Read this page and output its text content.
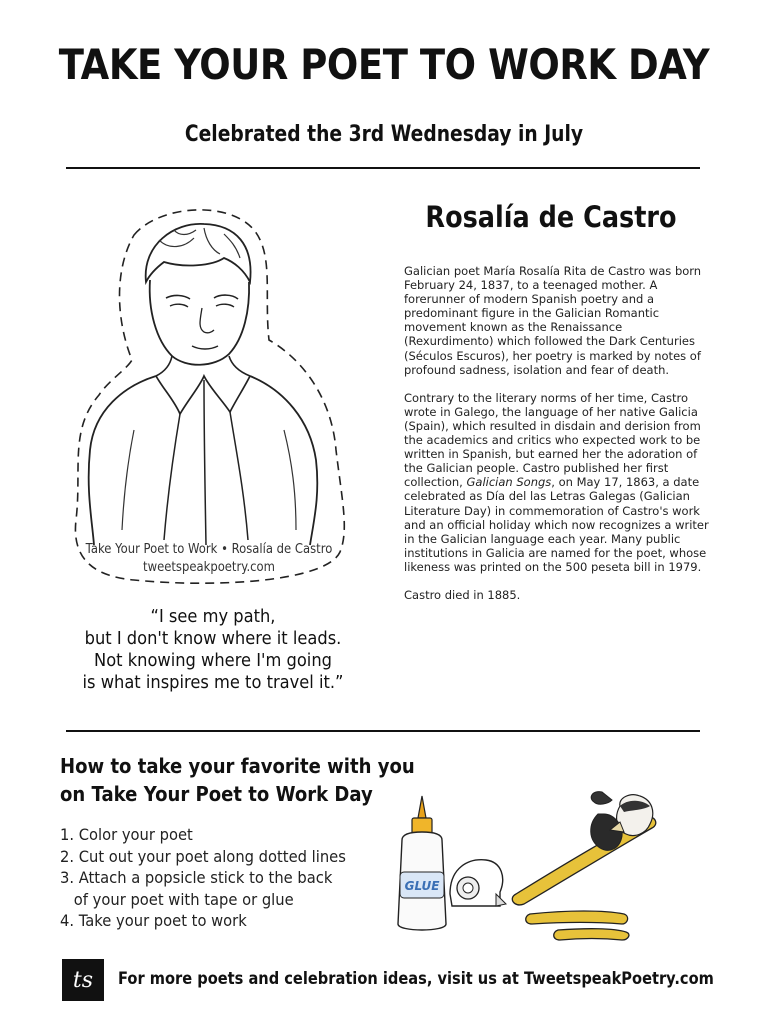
TAKE YOUR POET TO WORK DAY
Celebrated the 3rd Wednesday in July
Take Your Poet to Work • Rosalía de Castro
tweetspeakpoetry.com
“I see my path,
but I don't know where it leads.
Not knowing where I'm going
is what inspires me to travel it.”
Rosalía de Castro

Galician poet María Rosalía Rita de Castro was born February 24, 1837, to a teenaged mother. A forerunner of modern Spanish poetry and a predominant figure in the Galician Romantic movement known as the Renaissance (Rexurdimento) which followed the Dark Centuries (Séculos Escuros), her poetry is marked by notes of profound sadness, isolation and fear of death.

Contrary to the literary norms of her time, Castro wrote in Galego, the language of her native Galicia (Spain), which resulted in disdain and derision from the academics and critics who expected work to be written in Spanish, but earned her the adoration of the Galician people. Castro published her first collection, Galician Songs, on May 17, 1863, a date celebrated as Día del las Letras Galegas (Galician Literature Day) in commemoration of Castro's work and an official holiday which now recognizes a writer in the Galician language each year. Many public institutions in Galicia are named for the poet, whose likeness was printed on the 500 peseta bill in 1979.

Castro died in 1885.

How to take your favorite with you
on Take Your Poet to Work Day
1. Color your poet
2. Cut out your poet along dotted lines
3. Attach a popsicle stick to the back
of your poet with tape or glue
4. Take your poet to work
GLUE
ts For more poets and celebration ideas, visit us at TweetspeakPoetry.com
